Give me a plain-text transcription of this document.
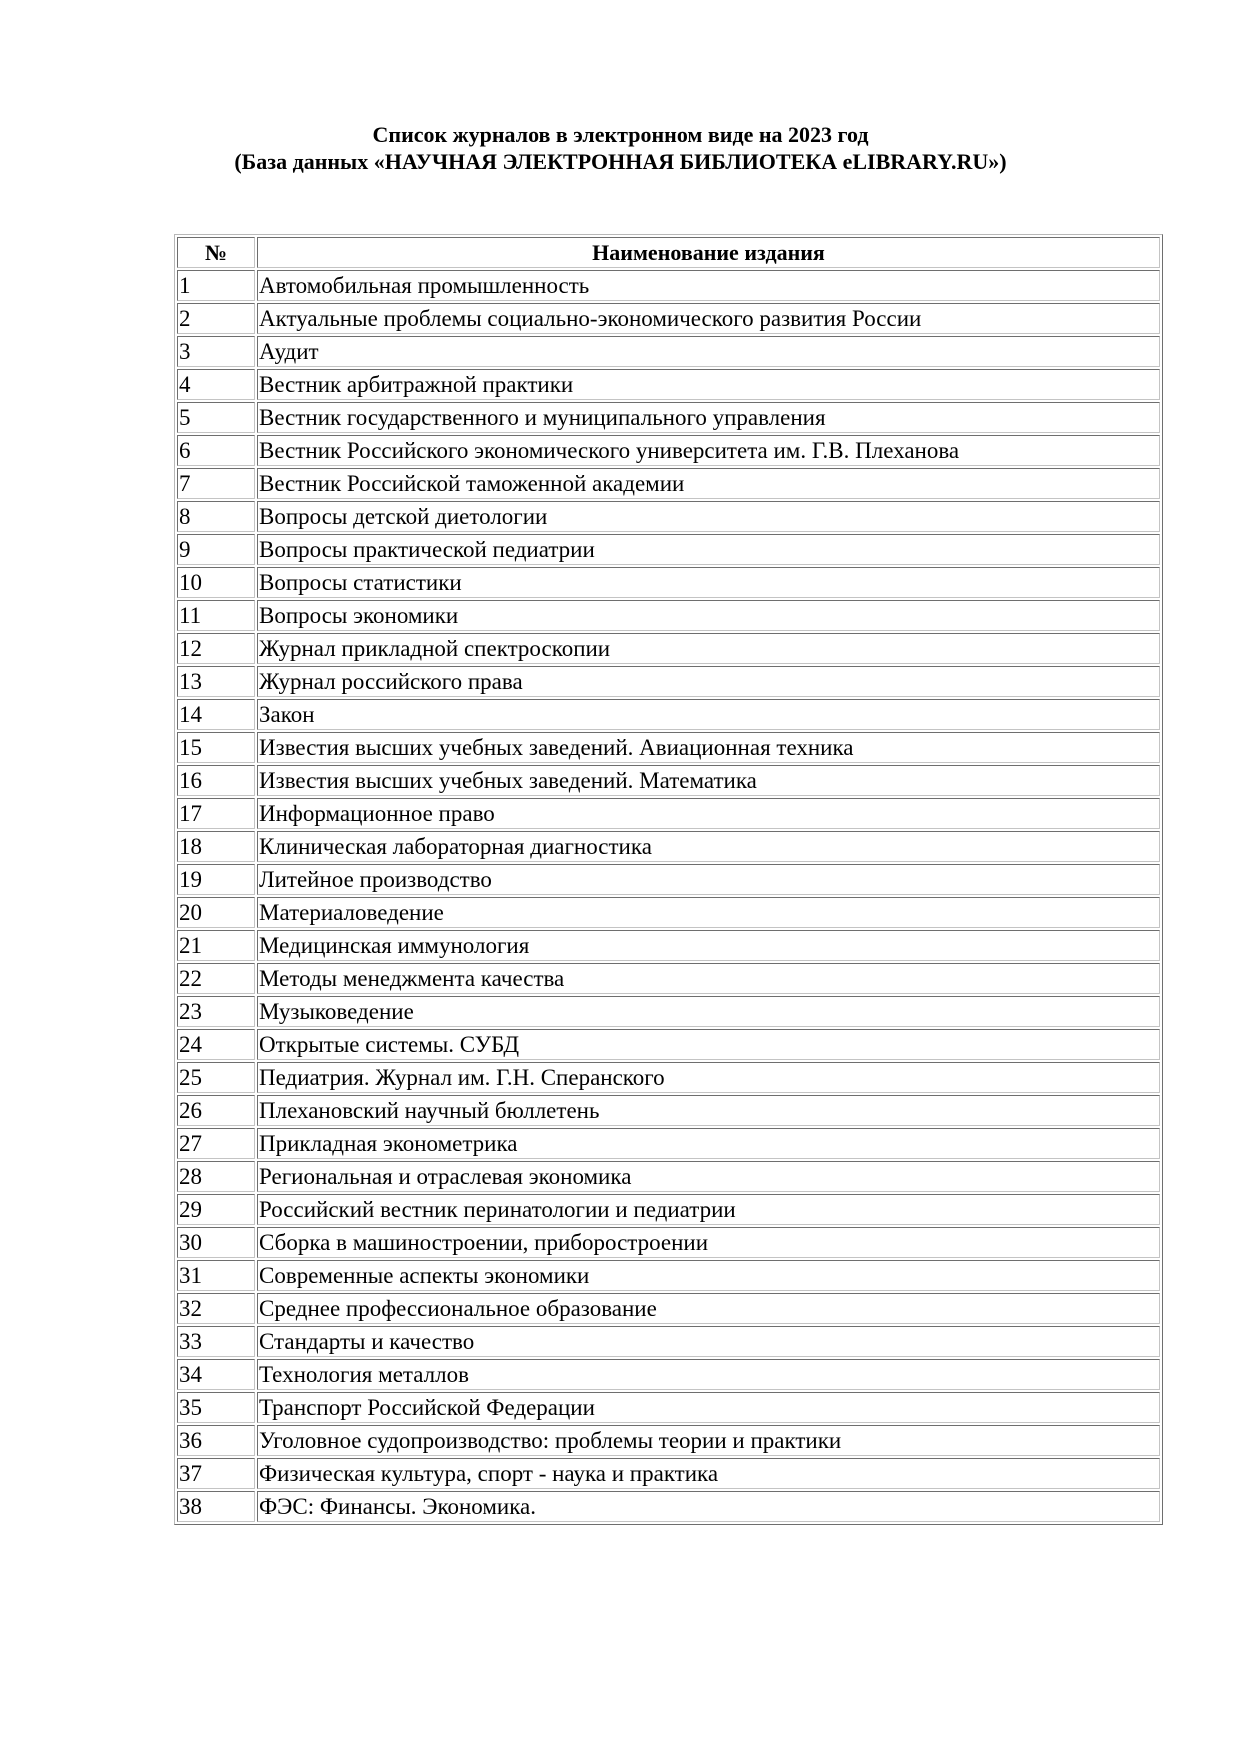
Список журналов в электронном виде на 2023 год
(База данных «НАУЧНАЯ ЭЛЕКТРОННАЯ БИБЛИОТЕКА eLIBRARY.RU»)
№	Наименование издания
1	Автомобильная промышленность
2	Актуальные проблемы социально-экономического развития России
3	Аудит
4	Вестник арбитражной практики
5	Вестник государственного и муниципального управления
6	Вестник Российского экономического университета им. Г.В. Плеханова
7	Вестник Российской таможенной академии
8	Вопросы детской диетологии
9	Вопросы практической педиатрии
10	Вопросы статистики
11	Вопросы экономики
12	Журнал прикладной спектроскопии
13	Журнал российского права
14	Закон
15	Известия высших учебных заведений. Авиационная техника
16	Известия высших учебных заведений. Математика
17	Информационное право
18	Клиническая лабораторная диагностика
19	Литейное производство
20	Материаловедение
21	Медицинская иммунология
22	Методы менеджмента качества
23	Музыковедение
24	Открытые системы. СУБД
25	Педиатрия. Журнал им. Г.Н. Сперанского
26	Плехановский научный бюллетень
27	Прикладная эконометрика
28	Региональная и отраслевая экономика
29	Российский вестник перинатологии и педиатрии
30	Сборка в машиностроении, приборостроении
31	Современные аспекты экономики
32	Среднее профессиональное образование
33	Стандарты и качество
34	Технология металлов
35	Транспорт Российской Федерации
36	Уголовное судопроизводство: проблемы теории и практики
37	Физическая культура, спорт - наука и практика
38	ФЭС: Финансы. Экономика.
